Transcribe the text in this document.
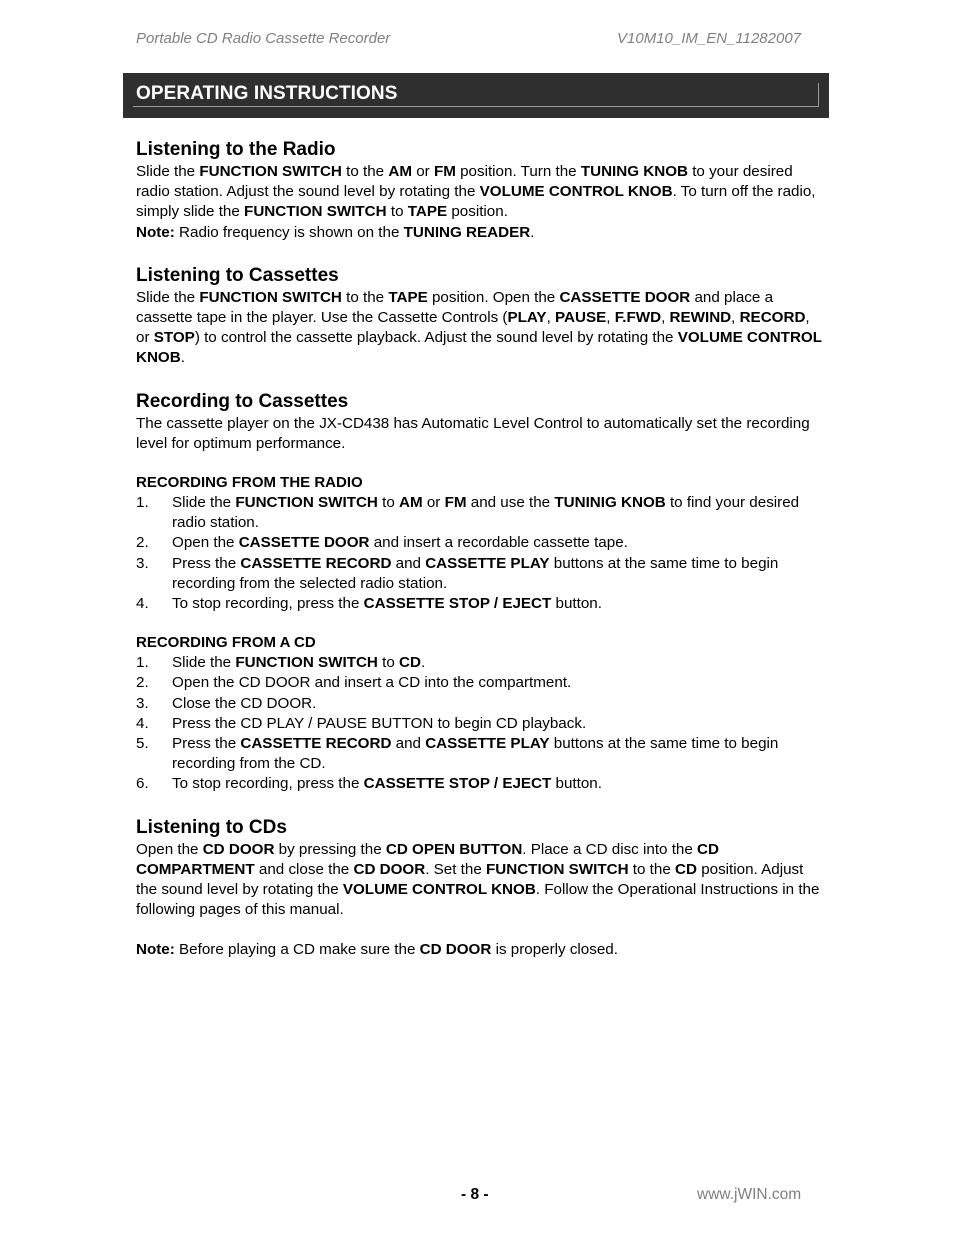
Portable CD Radio Cassette Recorder	V10M10_IM_EN_11282007
OPERATING INSTRUCTIONS
Listening to the Radio

Slide the FUNCTION SWITCH to the AM or FM position. Turn the TUNING KNOB to your desired radio station. Adjust the sound level by rotating the VOLUME CONTROL KNOB. To turn off the radio, simply slide the FUNCTION SWITCH to TAPE position.

Note: Radio frequency is shown on the TUNING READER.

Listening to Cassettes

Slide the FUNCTION SWITCH to the TAPE position. Open the CASSETTE DOOR and place a cassette tape in the player. Use the Cassette Controls (PLAY, PAUSE, F.FWD, REWIND, RECORD, or STOP) to control the cassette playback. Adjust the sound level by rotating the VOLUME CONTROL KNOB.

Recording to Cassettes

The cassette player on the JX-CD438 has Automatic Level Control to automatically set the recording level for optimum performance.

RECORDING FROM THE RADIO
1. Slide the FUNCTION SWITCH to AM or FM and use the TUNINIG KNOB to find your desired radio station.
2. Open the CASSETTE DOOR and insert a recordable cassette tape.
3. Press the CASSETTE RECORD and CASSETTE PLAY buttons at the same time to begin recording from the selected radio station.
4. To stop recording, press the CASSETTE STOP / EJECT button.
RECORDING FROM A CD
1. Slide the FUNCTION SWITCH to CD.
2. Open the CD DOOR and insert a CD into the compartment.
3. Close the CD DOOR.
4. Press the CD PLAY / PAUSE BUTTON to begin CD playback.
5. Press the CASSETTE RECORD and CASSETTE PLAY buttons at the same time to begin recording from the CD.
6. To stop recording, press the CASSETTE STOP / EJECT button.
Listening to CDs

Open the CD DOOR by pressing the CD OPEN BUTTON. Place a CD disc into the CD COMPARTMENT and close the CD DOOR. Set the FUNCTION SWITCH to the CD position. Adjust the sound level by rotating the VOLUME CONTROL KNOB. Follow the Operational Instructions in the following pages of this manual.

Note: Before playing a CD make sure the CD DOOR is properly closed.

- 8 -	www.jWIN.com
